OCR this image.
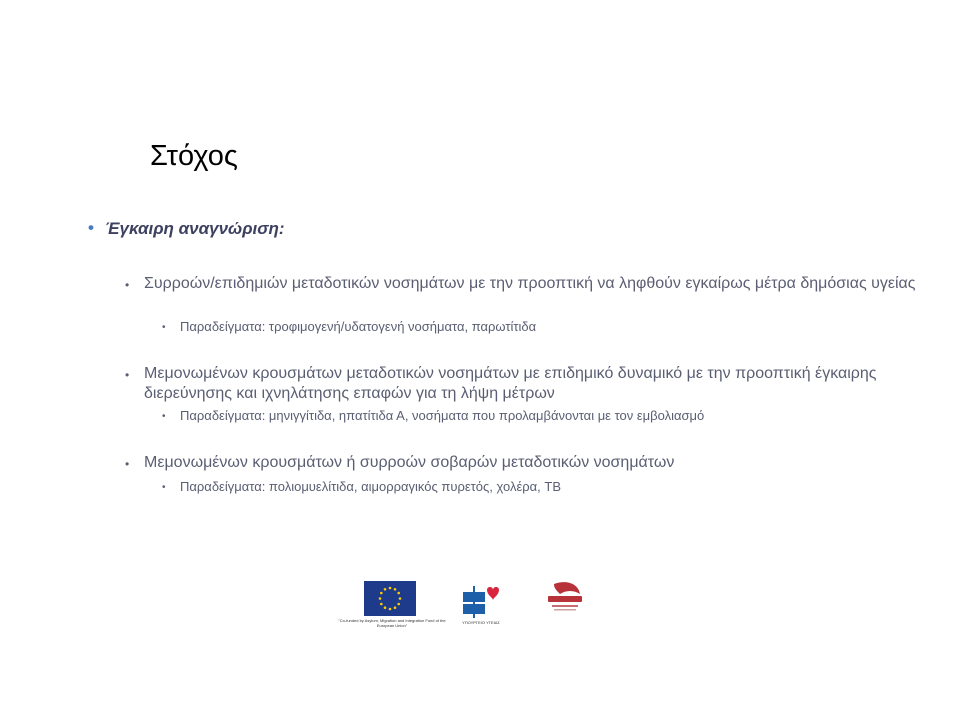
Στόχος
• Έγκαιρη αναγνώριση:
• Συρροών/επιδημιών μεταδοτικών νοσημάτων με την προοπτική να ληφθούν εγκαίρως μέτρα δημόσιας υγείας
• Παραδείγματα: τροφιμογενή/υδατογενή νοσήματα, παρωτίτιδα
• Μεμονωμένων κρουσμάτων μεταδοτικών νοσημάτων με επιδημικό δυναμικό με την προοπτική έγκαιρης διερεύνησης και ιχνηλάτησης επαφών για τη λήψη μέτρων
• Παραδείγματα: μηνιγγίτιδα, ηπατίτιδα Α, νοσήματα που προλαμβάνονται με τον εμβολιασμό
• Μεμονωμένων κρουσμάτων ή συρροών σοβαρών μεταδοτικών νοσημάτων
• Παραδείγματα: πολιομυελίτιδα, αιμορραγικός πυρετός, χολέρα, TB
"Co-funded by Asylum, Migration and Integration Fund of the European Union"
ΥΠΟΥΡΓΕΙΟ ΥΓΕΙΑΣ
